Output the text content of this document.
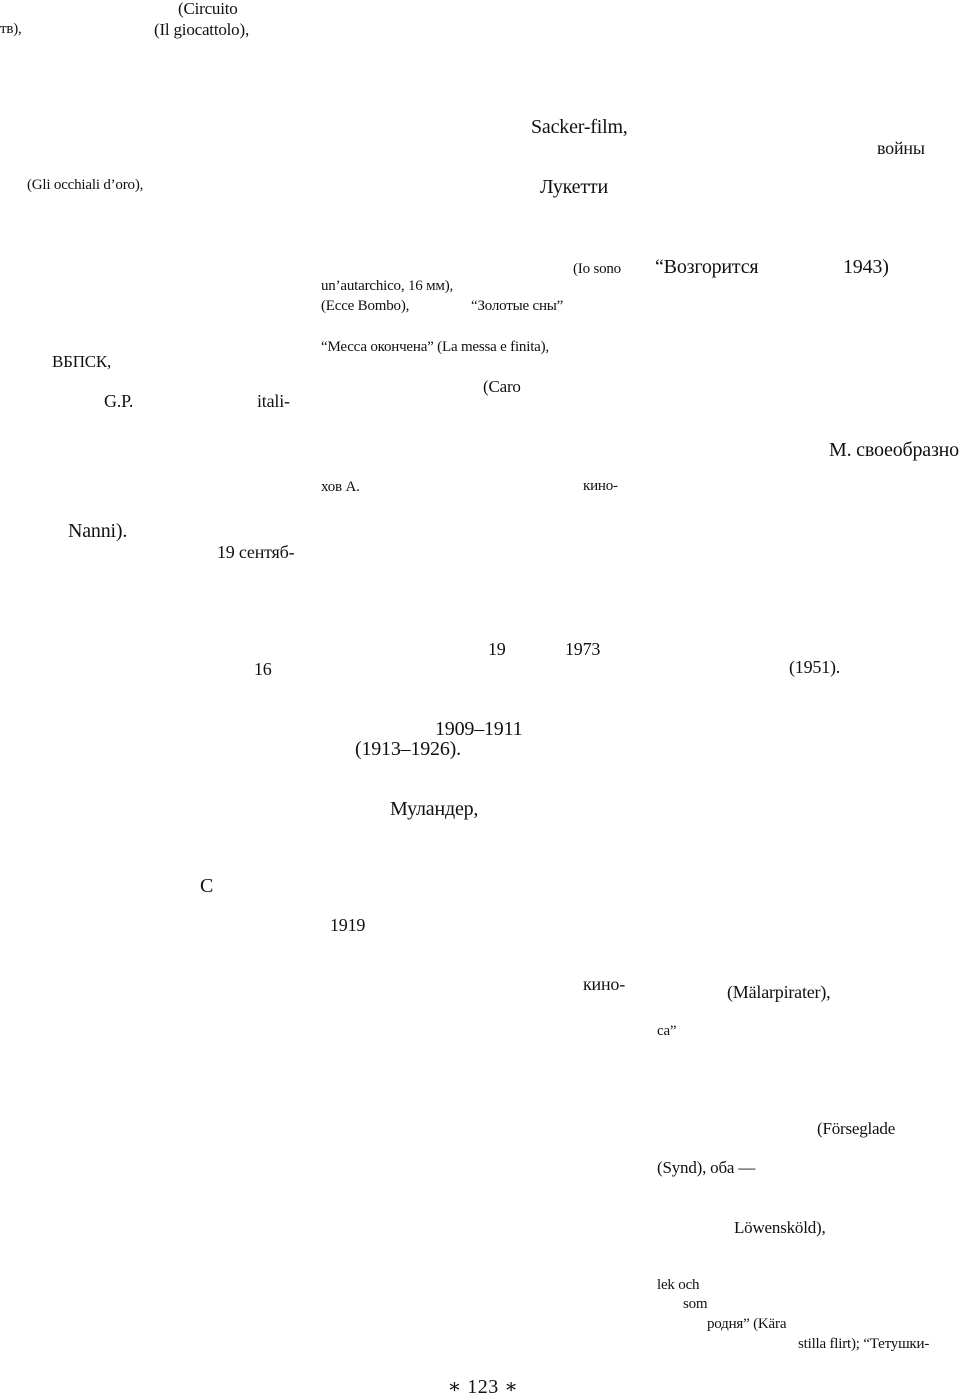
(Circuito
тв),	(Il giocattolo),
(Gli occhiali d’oro),
ВБПСК,
G.P.	itali-
Nanni).
19 сентяб-
16
С
Sacker-film,
Лукетти
(Io sono
un’autarchico, 16 мм),
(Ecce Bombo),	“Золотые сны”
“Месса окончена” (La messa e finita),
(Caro
хов А.	кино-
19	1973
1909–1911
(1913–1926).
Муландер,
1919
кино-
войны
“Возгорится	1943)
М. своеобразно
(1951).
(Mälarpirater),
ca”
(Förseglade
(Synd), оба —
Löwensköld),
lek och
som
родня” (Kära
stilla flirt); “Тетушки-
∗ 123 ∗
